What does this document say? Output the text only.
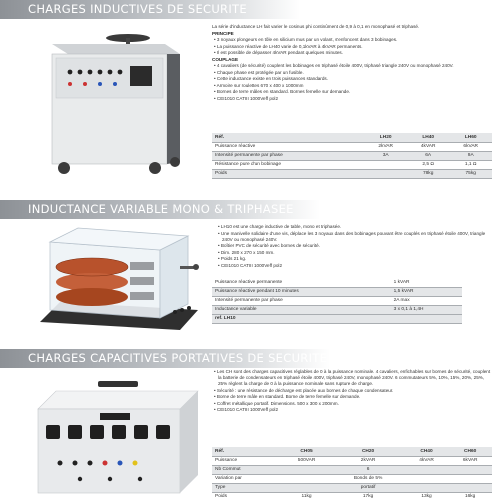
CHARGES INDUCTIVES DE SECURITE

La série d'inductance LH fait varier le cosinus phi continûment de 0,9 à 0,1 en monophasé et triphasé.

PRINCIPE

• 3 noyaux plongeurs en tôle en silicium mus par un volant, s'enfoncent dans 3 bobinages.

• La puissance réactive de LH40 varie de 0,1kVAR à 4kVAR permanents.

• Il est possible de dépasser 4kVAR pendant quelques minutes.

COUPLAGE

• 4 cavaliers (de sécurité) couplent les bobinages en triphasé étoile 400V, triphasé triangle 240V ou monophasé 240V.

• Chaque phase est protégée par un fusible.

• Cette inductance existe en trois puissances standards.

• Armoire sur roulettes 670 x 400 x 1000mm

• Bornes de terre mâles en standard. Bornes femelle sur demande.

• CEI1010 CATIII 1000Veff pol2

Réf.	LH20	LH40	LH60
Puissance réactive	2kVAR	4kVAR	6kVAR
Intensité permanente par phase	3A	6A	9A
Résistance pure d'un bobinage		2,5 Ω	1,1 Ω
Poids		78kg	75kg
INDUCTANCE VARIABLE MONO & TRIPHASEE

• LH10 est une charge inductive de table, mono et triphasée.

• Une manivelle solidaire d'une vis, déplace les 3 noyaux dans des bobinages pouvant être couplés en triphasé étoile 400V, triangle 240V ou monophasé 240V.

• Boîtier PVC de sécurité avec bornes de sécurité.

• Dim. 280 x 270 x 150 mm.

• Poids 21 kg.

• CEI1010 CATIII 1000Veff pol2

Puissance réactive permanente	1 kVAR
Puissance réactive pendant 10 minutes	1,5 kVAR
Intensité permanente par phase	2A max
Inductance variable	3 x 0,1 à 1,4H
ref. LH10	
CHARGES CAPACITIVES PORTATIVES DE SECURITE

• Les CH sont des charges capacitives réglables de 0 à la puissance nominale. 4 cavaliers, enfichables sur bornes de sécurité, couplent la batterie de condensateurs en triphasé étoile 400V, triphasé 240V, monophasé 240V. 6 commutateurs 5%, 10%, 15%, 20%, 25%, 25% règlent la charge de 0 à la puissance nominale sans rupture de charge.

• Sécurité : une résistance de décharge est placée aux bornes de chaque condensateur.

• Borne de terre mâle en standard. Borne de terre femelle sur demande.

• Coffret métallique portatif. Dimensions. 500 x 300 x 200mm.

• CEI1010 CATIII 1000Veff pol2

Réf.	CH05	CH20	CH40	CH60
Puissance	500VAR	2kVAR	4kVAR	6kVAR
Nb Commut		6		
Variation par		Bonds de 5%		
Type		portatif		
Poids	11kg	17kg	13kg	16kg
